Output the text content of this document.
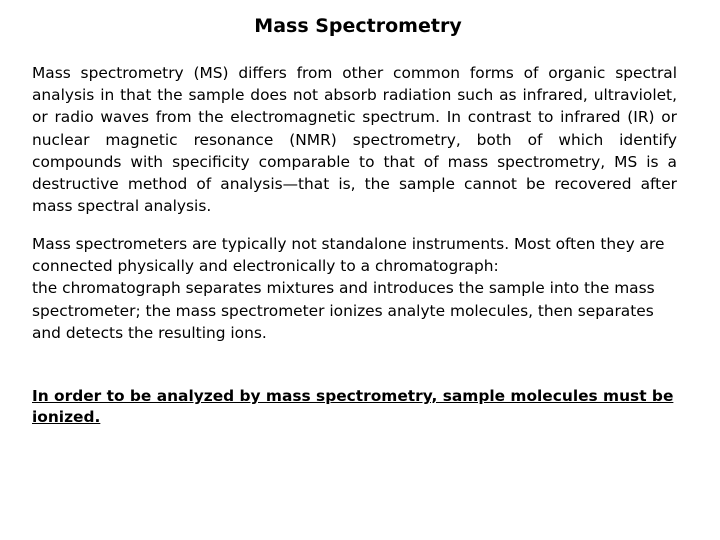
Mass Spectrometry

Mass spectrometry (MS) differs from other common forms of organic spectral analysis in that the sample does not absorb radiation such as infrared, ultraviolet, or radio waves from the electromagnetic spectrum. In contrast to infrared (IR) or nuclear magnetic resonance (NMR) spectrometry, both of which identify compounds with specificity comparable to that of mass spectrometry, MS is a destructive method of analysis—that is, the sample cannot be recovered after mass spectral analysis.

Mass spectrometers are typically not standalone instruments. Most often they are connected physically and electronically to a chromatograph:
the chromatograph separates mixtures and introduces the sample into the mass spectrometer; the mass spectrometer ionizes analyte molecules, then separates and detects the resulting ions.
In order to be analyzed by mass spectrometry, sample molecules must be ionized.
